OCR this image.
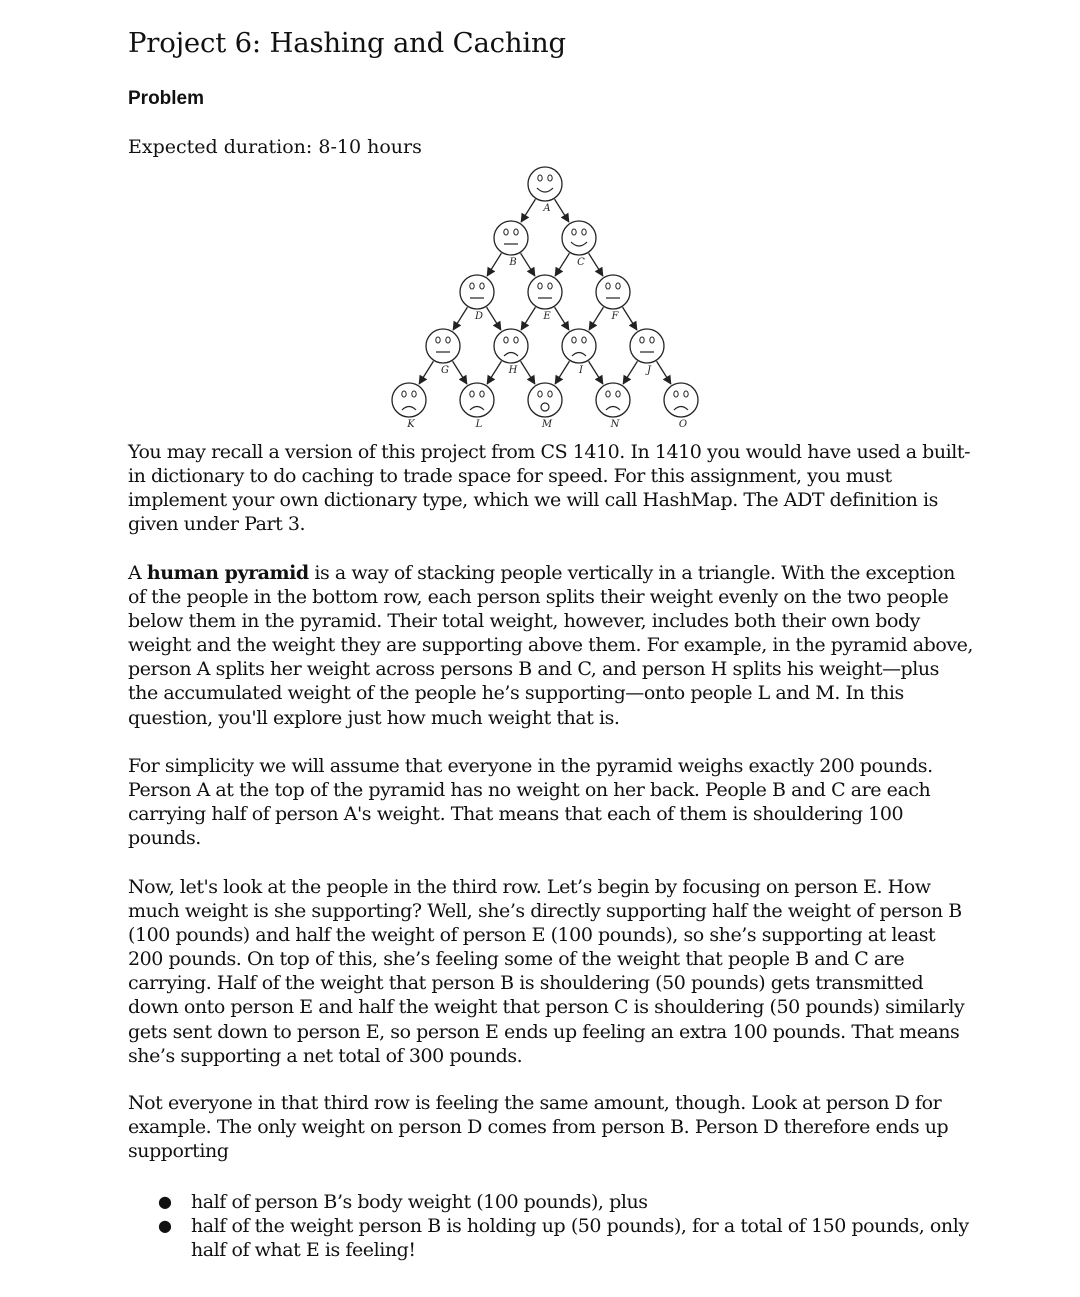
Project 6: Hashing and Caching
Problem
Expected duration: 8-10 hours
A
B	C
D	E	F
G	H	I	J
K	L	M	N	O

You may recall a version of this project from CS 1410. In 1410 you would have used a built-in dictionary to do caching to trade space for speed. For this assignment, you must implement your own dictionary type, which we will call HashMap. The ADT definition is given under Part 3.

A human pyramid is a way of stacking people vertically in a triangle. With the exception of the people in the bottom row, each person splits their weight evenly on the two people below them in the pyramid. Their total weight, however, includes both their own body weight and the weight they are supporting above them. For example, in the pyramid above, person A splits her weight across persons B and C, and person H splits his weight—plus the accumulated weight of the people he’s supporting—onto people L and M. In this question, you'll explore just how much weight that is.

For simplicity we will assume that everyone in the pyramid weighs exactly 200 pounds. Person A at the top of the pyramid has no weight on her back. People B and C are each carrying half of person A's weight. That means that each of them is shouldering 100 pounds.

Now, let's look at the people in the third row. Let’s begin by focusing on person E. How much weight is she supporting? Well, she’s directly supporting half the weight of person B (100 pounds) and half the weight of person E (100 pounds), so she’s supporting at least 200 pounds. On top of this, she’s feeling some of the weight that people B and C are carrying. Half of the weight that person B is shouldering (50 pounds) gets transmitted down onto person E and half the weight that person C is shouldering (50 pounds) similarly gets sent down to person E, so person E ends up feeling an extra 100 pounds. That means she’s supporting a net total of 300 pounds.

Not everyone in that third row is feeling the same amount, though. Look at person D for example. The only weight on person D comes from person B. Person D therefore ends up supporting

● half of person B’s body weight (100 pounds), plus
● half of the weight person B is holding up (50 pounds), for a total of 150 pounds, only half of what E is feeling!
